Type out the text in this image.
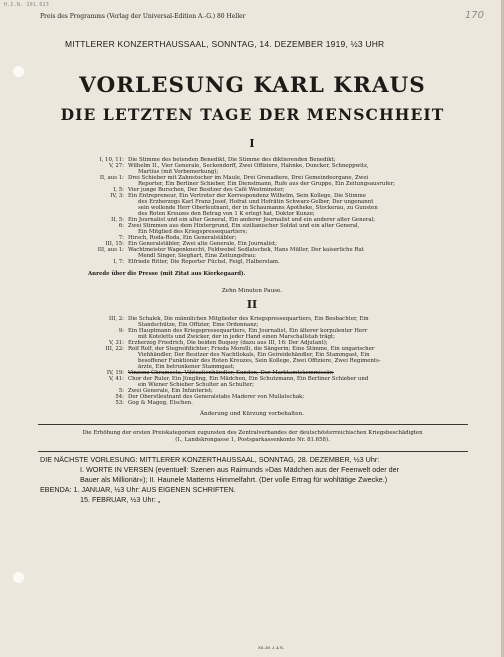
H.I.N. 201.623
170
Preis des Programms (Verlag der Universal-Edition A.-G.) 80 Heller
MITTLERER KONZERTHAUSSAAL, SONNTAG, 14. DEZEMBER 1919, ½3 UHR
VORLESUNG KARL KRAUS
DIE LETZTEN TAGE DER MENSCHHEIT
I
I, 10, 11: Die Stimme des betenden Benedikt, Die Stimme des diktierenden Benedikt;
V, 27: Wilhelm II., Vier Generale, Seckendorff, Zwei Offiziere, Hahnke, Duncker, Schneppwitz,
Martius (mit Vorbemerkung);
II, aus 1: Drei Schieber mit Zahnstocher im Maule, Drei Grenadiere, Drei Gemeindeorgane, Zwei
Reporter, Ein Berliner Schieber, Ein Dienstmann, Rufe aus der Gruppe, Ein Zeitungsausrufer;
I, 5: Vier junge Burschen, Der Besitzer des Café Westminster;
IV, 3: Ein Entrepreneur, Ein Vertreter der Korrespondenz Wilhelm, Sein Kollege, Die Stimme
des Erzherzogs Karl Franz Josef, Hofrat und Hofrätin Schwarz-Gelber, Der ungenannt
sein wollende Herr Oberleutnant, der in Schaumanns Apotheke, Stockerau, zu Gunsten
des Roten Kreuzes den Betrag von 1 K erlegt hat, Doktor Kunze;
II, 5: Ein Journalist und ein alter General, Ein anderer Journalist und ein anderer alter General;
6: Zwei Stimmen aus dem Hintergrund, Ein sizilianischer Soldat und ein alter General,
Ein Mitglied des Kriegspressequartiers;
7: Hirsch, Roda-Roda, Ein Generalstäbler;
III, 15: Ein Generalstäbler, Zwei alte Generale, Ein Journalist;
III, aus 1: Wachtmeister Wagenknecht, Feldwebel Sedlatschek, Hans Müller, Der kaiserliche Rat
Mendl Singer, Sieghart, Eine Zeitungsfrau;
I, 7: Elfriede Ritter, Die Reporter Füchsl, Feigl, Halberstam.
Anrede über die Presse (mit Zitat aus Kierkegaard).
Zehn Minuten Pause.
II
III, 2: Die Schalek, Die männlichen Mitglieder des Kriegspressequartiers, Ein Beobachter, Ein
Standschütze, Ein Offizier, Eine Ordonnanz;
9: Ein Hauptmann des Kriegspressequartiers, Ein Journalist, Ein älterer korpulenter Herr
mit Koteletts und Zwicker, der in jeder Hand einen Marschallstab trägt;
V, 31: Erzherzog Friedrich, Die beiden Buquoy (dazu aus III, 16: Der Adjutant);
III, 22: Rolf Rolf, der Stegreifdichter; Frieda Morelli, die Sängerin; Eine Stimme, Ein ungarischer
Viehhändler, Der Besitzer des Nachtlokals, Ein Geireidehändler, Ein Stammgast, Ein
besoffener Funktionär des Roten Kreuzes, Sein Kollege, Zwei Offiziere, Zwei Regiments-
ärzte, Ein betrunkener Stammgast;
IV, 19: Vinzenz Chramosta, Viktualienhändler, Kunden, Der Marktamtskommissär;
V, 41: Chor der Ruler, Ein Jüngling, Ein Mädchen, Ein Schutzmann, Ein Berliner Schieber und
ein Wiener Schieber Schulter an Schulter;
5: Zwei Generale, Ein Infanterist;
54: Der Oberstleutnant des Generalstabs Maderer von Mullatschak;
53: Gog & Magog, Elschen.
Änderung und Kürzung vorbehalten.
Die Erhöhung der ersten Preiskategorien zugunsten des Zentralverbandes der deutschösterreichischen Kriegsbeschädigten
(I., Landskrongasse 1, Postsparkassenkonto Nr. 81.658).
DIE NÄCHSTE VORLESUNG: MITTLERER KONZERTHAUSSAAL, SONNTAG, 28. DEZEMBER, ½3 Uhr:
I. WORTE IN VERSEN (eventuell: Szenen aus Raimunds »Das Mädchen aus der Feenwelt oder der
Bauer als Millionär«); II. Haunele Matterns Himmelfahrt. (Der volle Ertrag für wohltätige Zwecke.)
EBENDA: 1. JANUAR, ½3 Uhr: AUS EIGENEN SCHRIFTEN.
15. FEBRUAR, ½3 Uhr: „
XII.-19. J. & S.
